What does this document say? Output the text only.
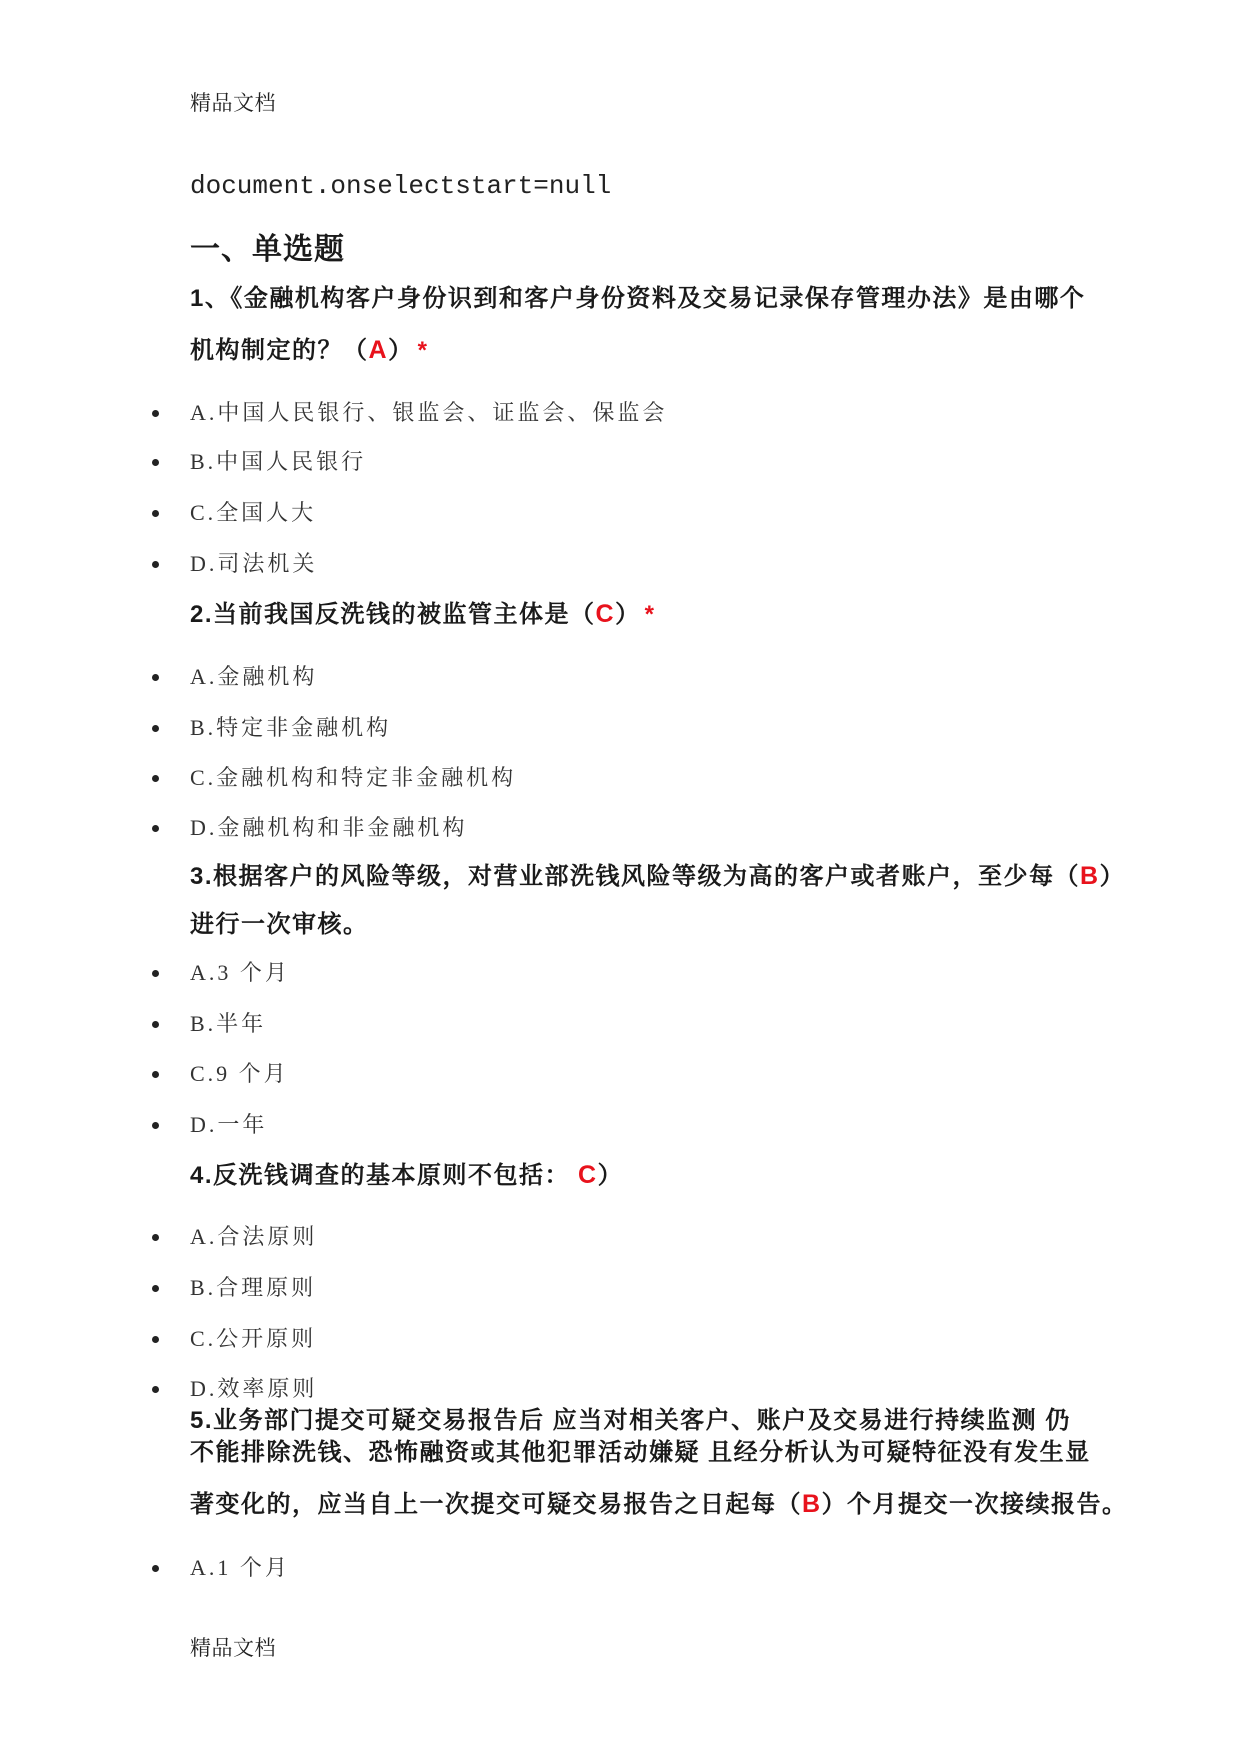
精品文档
document.onselectstart=null
一、单选题
1、《金融机构客户身份识到和客户身份资料及交易记录保存管理办法》是由哪个
机构制定的？（A） *
A.中国人民银行、银监会、证监会、保监会
B.中国人民银行
C.全国人大
D.司法机关
2.当前我国反洗钱的被监管主体是（C） *
A.金融机构
B.特定非金融机构
C.金融机构和特定非金融机构
D.金融机构和非金融机构
3.根据客户的风险等级，对营业部洗钱风险等级为高的客户或者账户，至少每（B）
进行一次审核。
A.3 个月
B.半年
C.9 个月
D.一年
4.反洗钱调查的基本原则不包括： C）
A.合法原则
B.合理原则
C.公开原则
D.效率原则
5.业务部门提交可疑交易报告后 应当对相关客户、账户及交易进行持续监测 仍
不能排除洗钱、恐怖融资或其他犯罪活动嫌疑 且经分析认为可疑特征没有发生显
著变化的，应当自上一次提交可疑交易报告之日起每（B）个月提交一次接续报告。
A.1 个月
精品文档
